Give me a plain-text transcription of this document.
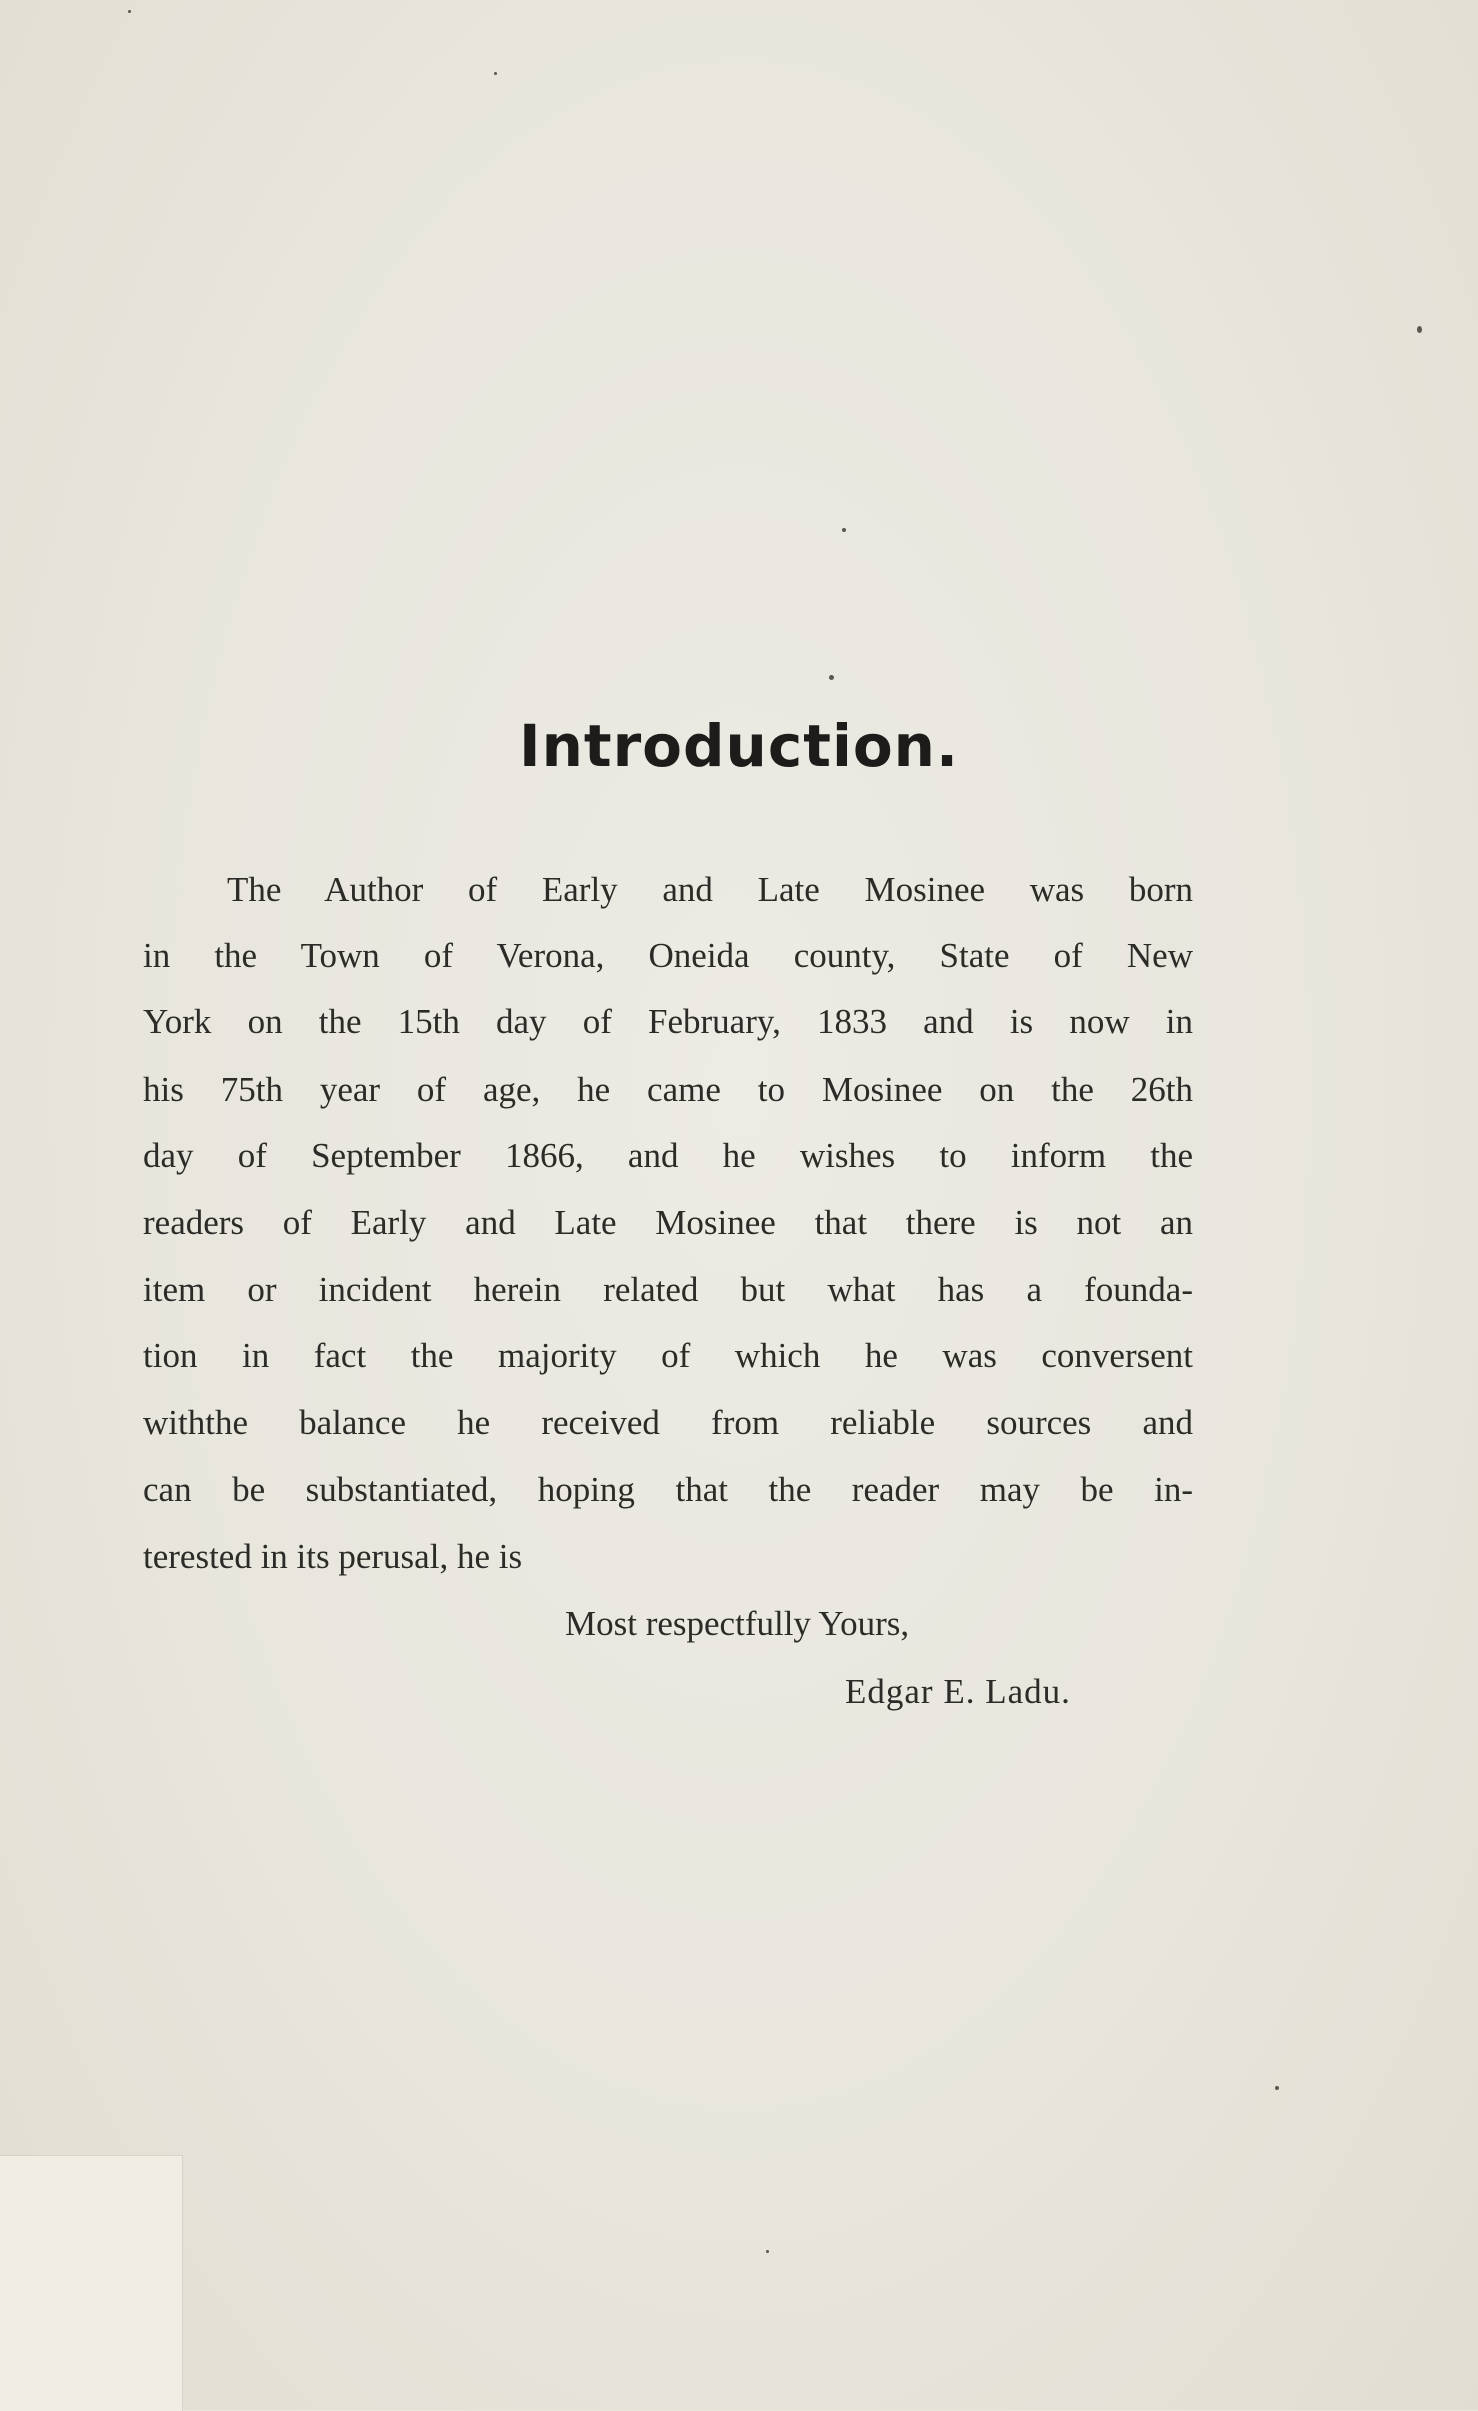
Introduction.
The Author of Early and Late Mosinee was born
in the Town of Verona, Oneida county, State of New
York on the 15th day of February, 1833 and is now in
his 75th year of age, he came to Mosinee on the 26th
day of September 1866, and he wishes to inform the
readers of Early and Late Mosinee that there is not an
item or incident herein related but what has a founda-
tion in fact the majority of which he was conversent
withthe balance he received from reliable sources and
can be substantiated, hoping that the reader may be in-
terested in its perusal, he is
Most respectfully Yours,
Edgar E. Ladu.
